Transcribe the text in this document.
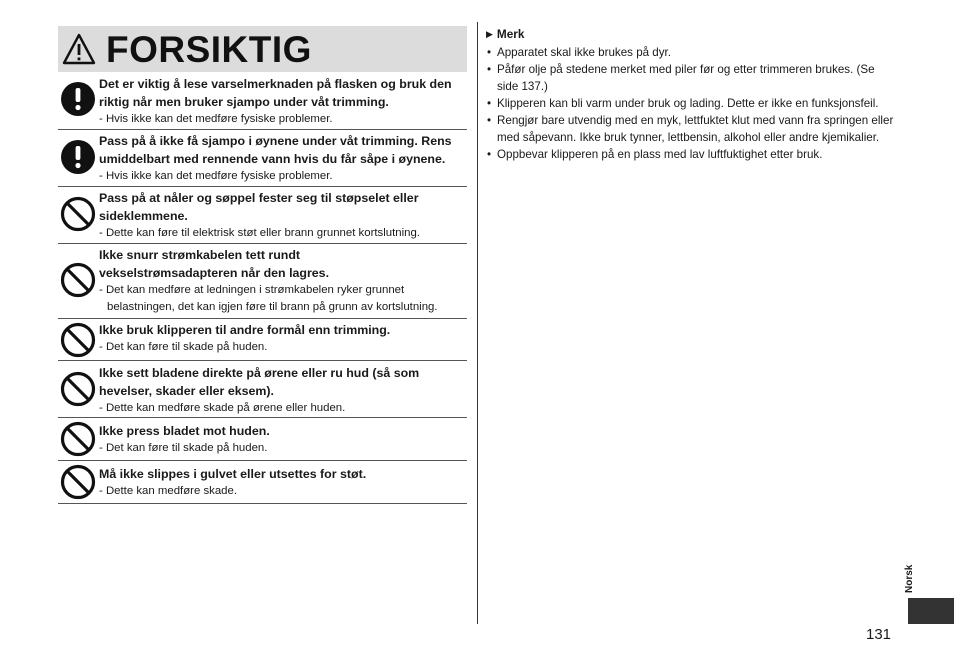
FORSIKTIG
Det er viktig å lese varselmerknaden på flasken og bruk den riktig når men bruker sjampo under våt trimming.
- Hvis ikke kan det medføre fysiske problemer.
Pass på å ikke få sjampo i øynene under våt trimming. Rens umiddelbart med rennende vann hvis du får såpe i øynene.
- Hvis ikke kan det medføre fysiske problemer.
Pass på at nåler og søppel fester seg til støpselet eller sideklemmene.
- Dette kan føre til elektrisk støt eller brann grunnet kortslutning.
Ikke snurr strømkabelen tett rundt vekselstrømsadapteren når den lagres.
- Det kan medføre at ledningen i strømkabelen ryker grunnet belastningen, det kan igjen føre til brann på grunn av kortslutning.
Ikke bruk klipperen til andre formål enn trimming.
- Det kan føre til skade på huden.
Ikke sett bladene direkte på ørene eller ru hud (så som hevelser, skader eller eksem).
- Dette kan medføre skade på ørene eller huden.
Ikke press bladet mot huden.
- Det kan føre til skade på huden.
Må ikke slippes i gulvet eller utsettes for støt.
- Dette kan medføre skade.
▶ Merk
• Apparatet skal ikke brukes på dyr.
• Påfør olje på stedene merket med piler før og etter trimmeren brukes. (Se side 137.)
• Klipperen kan bli varm under bruk og lading. Dette er ikke en funksjonsfeil.
• Rengjør bare utvendig med en myk, lettfuktet klut med vann fra springen eller med såpevann. Ikke bruk tynner, lettbensin, alkohol eller andre kjemikalier.
• Oppbevar klipperen på en plass med lav luftfuktighet etter bruk.
Norsk
131
